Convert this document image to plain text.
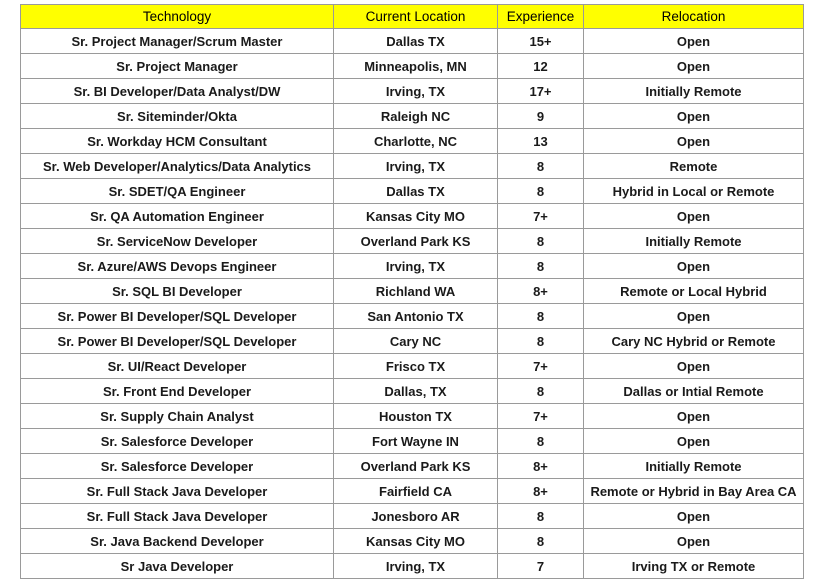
Technology	Current Location	Experience	Relocation
Sr. Project Manager/Scrum Master	Dallas TX	15+	Open
Sr. Project Manager	Minneapolis, MN	12	Open
Sr. BI Developer/Data Analyst/DW	Irving, TX	17+	Initially Remote
Sr. Siteminder/Okta	Raleigh NC	9	Open
Sr. Workday HCM Consultant	Charlotte, NC	13	Open
Sr. Web Developer/Analytics/Data Analytics	Irving, TX	8	Remote
Sr. SDET/QA Engineer	Dallas TX	8	Hybrid in Local or Remote
Sr. QA Automation Engineer	Kansas City MO	7+	Open
Sr. ServiceNow Developer	Overland Park KS	8	Initially Remote
Sr. Azure/AWS Devops Engineer	Irving, TX	8	Open
Sr. SQL BI Developer	Richland WA	8+	Remote or Local Hybrid
Sr. Power BI Developer/SQL Developer	San Antonio TX	8	Open
Sr. Power BI Developer/SQL Developer	Cary NC	8	Cary NC Hybrid or Remote
Sr. UI/React Developer	Frisco TX	7+	Open
Sr. Front End Developer	Dallas, TX	8	Dallas or Intial Remote
Sr. Supply Chain Analyst	Houston TX	7+	Open
Sr. Salesforce Developer	Fort Wayne IN	8	Open
Sr. Salesforce Developer	Overland Park KS	8+	Initially Remote
Sr. Full Stack Java Developer	Fairfield CA	8+	Remote or Hybrid in Bay Area CA
Sr. Full Stack Java Developer	Jonesboro AR	8	Open
Sr. Java Backend Developer	Kansas City MO	8	Open
Sr Java Developer	Irving, TX	7	Irving TX or Remote
